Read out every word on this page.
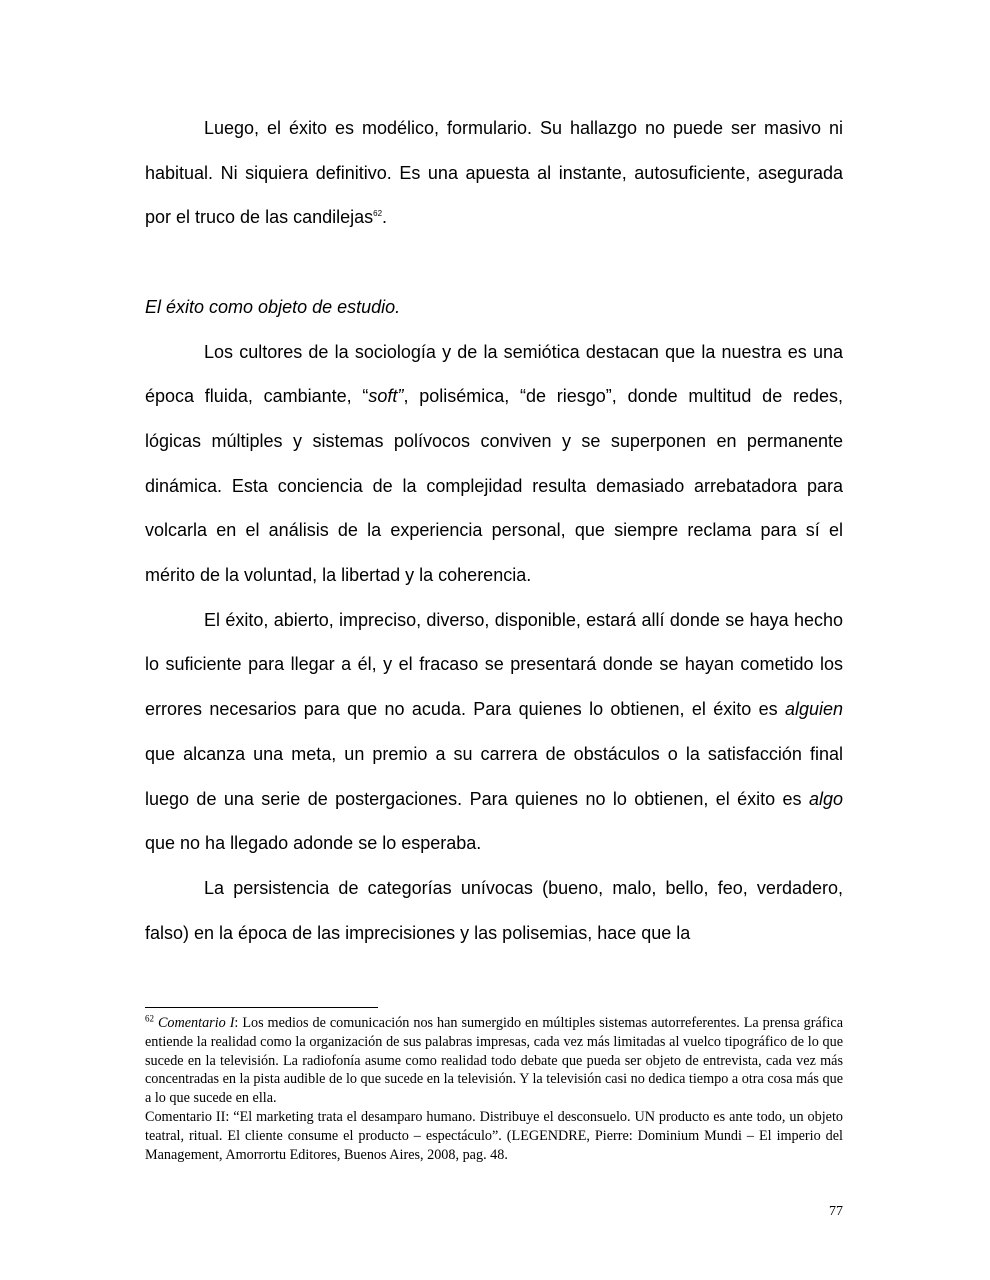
Luego, el éxito es modélico, formulario. Su hallazgo no puede ser masivo ni habitual. Ni siquiera definitivo. Es una apuesta al instante, autosuficiente, asegurada por el truco de las candilejas$^{62}$.

El éxito como objeto de estudio.

Los cultores de la sociología y de la semiótica destacan que la nuestra es una época fluida, cambiante, “soft”, polisémica, “de riesgo”, donde multitud de redes, lógicas múltiples y sistemas polívocos conviven y se superponen en permanente dinámica. Esta conciencia de la complejidad resulta demasiado arrebatadora para volcarla en el análisis de la experiencia personal, que siempre reclama para sí el mérito de la voluntad, la libertad y la coherencia.

El éxito, abierto, impreciso, diverso, disponible, estará allí donde se haya hecho lo suficiente para llegar a él, y el fracaso se presentará donde se hayan cometido los errores necesarios para que no acuda. Para quienes lo obtienen, el éxito es alguien que alcanza una meta, un premio a su carrera de obstáculos o la satisfacción final luego de una serie de postergaciones. Para quienes no lo obtienen, el éxito es algo que no ha llegado adonde se lo esperaba.

La persistencia de categorías unívocas (bueno, malo, bello, feo, verdadero, falso) en la época de las imprecisiones y las polisemias, hace que la

$^{62}$ Comentario I: Los medios de comunicación nos han sumergido en múltiples sistemas autorreferentes. La prensa gráfica entiende la realidad como la organización de sus palabras impresas, cada vez más limitadas al vuelco tipográfico de lo que sucede en la televisión. La radiofonía asume como realidad todo debate que pueda ser objeto de entrevista, cada vez más concentradas en la pista audible de lo que sucede en la televisión. Y la televisión casi no dedica tiempo a otra cosa más que a lo que sucede en ella.

Comentario II: “El marketing trata el desamparo humano. Distribuye el desconsuelo. UN producto es ante todo, un objeto teatral, ritual. El cliente consume el producto – espectáculo”. (LEGENDRE, Pierre: Dominium Mundi – El imperio del Management, Amorrortu Editores, Buenos Aires, 2008, pag. 48.

77
